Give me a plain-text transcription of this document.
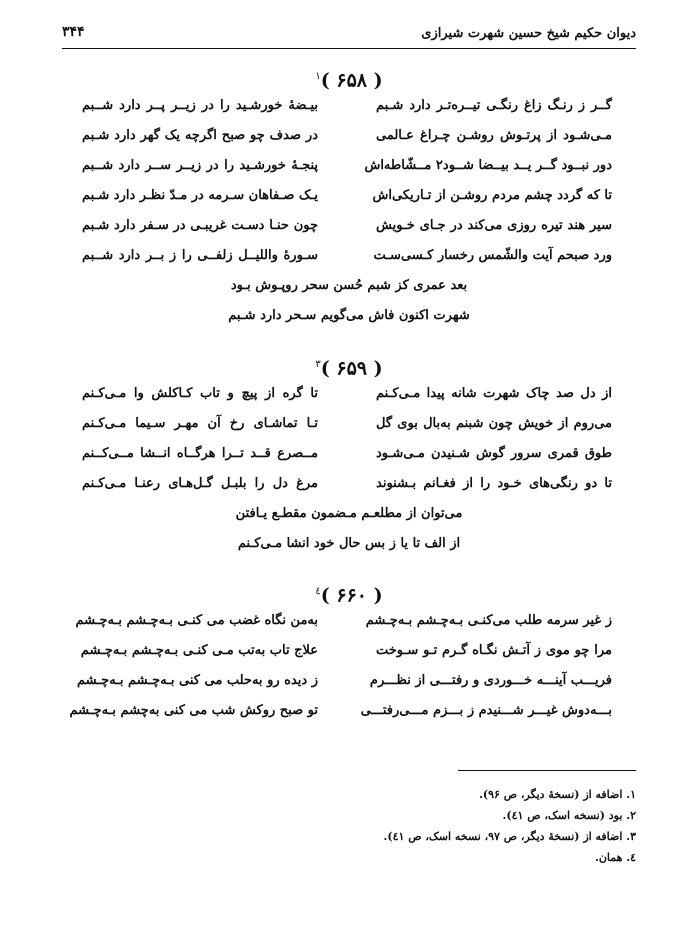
دیوان حکیم شیخ حسین شهرت شیرازی
۳۴۴
( ۶۵۸ )$^۱$
گــر ز رنـگ زاغ رنگـی تیــره‌تـر دارد شـبم
بیـضهٔ خورشـید را در زیــر پــر دارد شــبم
مـی‌شـود از پرتـوش روشـن چـراغ عـالمی
در صدف چو صبح اگرچه یک گهر دارد شـبم
دور نبــود گــر یــد بیــضا شــود۲ مــشّاطه‌اش
پنجـهٔ خورشـید را در زیــر ســر دارد شــبم
تا که گردد چشم مردم روشـن از تـاریکی‌اش
یـک صـفاهان سـرمه در مـدّ نظـر دارد شـبم
سیر هند تیره روزی می‌کند در جـای خـویش
چون حنـا دسـت غریبـی در سـفر دارد شـبم
ورد صبحم آیت والشّمس رخسار کـسی‌سـت
سـورهٔ واللیــل زلفــی را ز بــر دارد شــبم
بعد عمری کز شبم حُسن سحر روپـوش بـود
شهرت اکنون فاش می‌گویم سـحر دارد شـبم
( ۶۵۹ )$^۳$
از دل صد چاک شهرت شانه پیدا مـی‌کـنم
تا گره از پیچ و تاب کـاکلش وا مـی‌کـنم
می‌روم از خویش چون شبنم به‌بال بوی گل
تـا تماشـای رخ آن مهـر سـیما مـی‌کـنم
طوق قمری سرور گوش شـنیدن مـی‌شـود
مــصرع قــد تــرا هرگــاه انــشا مــی‌کــنم
تا دو رنگی‌های خـود را از فغـانم بـشنوند
مرغ دل را بلبـل گـل‌هـای رعنـا مـی‌کـنم
می‌توان از مطلعـم مـضمون مقطـع یـافتن
از الف تا یا ز بس حال خود انشا مـی‌کـنم
( ۶۶۰ )$^٤$
ز غیر سرمه طلب می‌کنـی بـه‌چـشم بـه‌چـشم
به‌من نگاه غضب می کنـی بـه‌چـشم بـه‌چـشم
مرا چو موی ز آتـش نگـاه گـرم تـو سـوخت
علاج تاب به‌تب مـی کنـی بـه‌چـشم بـه‌چـشم
فریـــب آینـــه خـــوردی و رفتـــی از نظـــرم
ز دیده رو به‌حلب می کنی بـه‌چـشم بـه‌چـشم
بـــه‌دوش غیـــر شـــنیدم ز بـــزم مـــی‌رفتـــی
تو صبح روکش شب می کنی به‌چشم بـه‌چـشم
۱. اضافه از (نسخهٔ دیگر، ص ۹۶).
۲. بود (نسخه اسک، ص ٤۱).
۳. اضافه از (نسخهٔ دیگر، ص ۹۷، نسخه اسک، ص ٤۱).
٤. همان.
